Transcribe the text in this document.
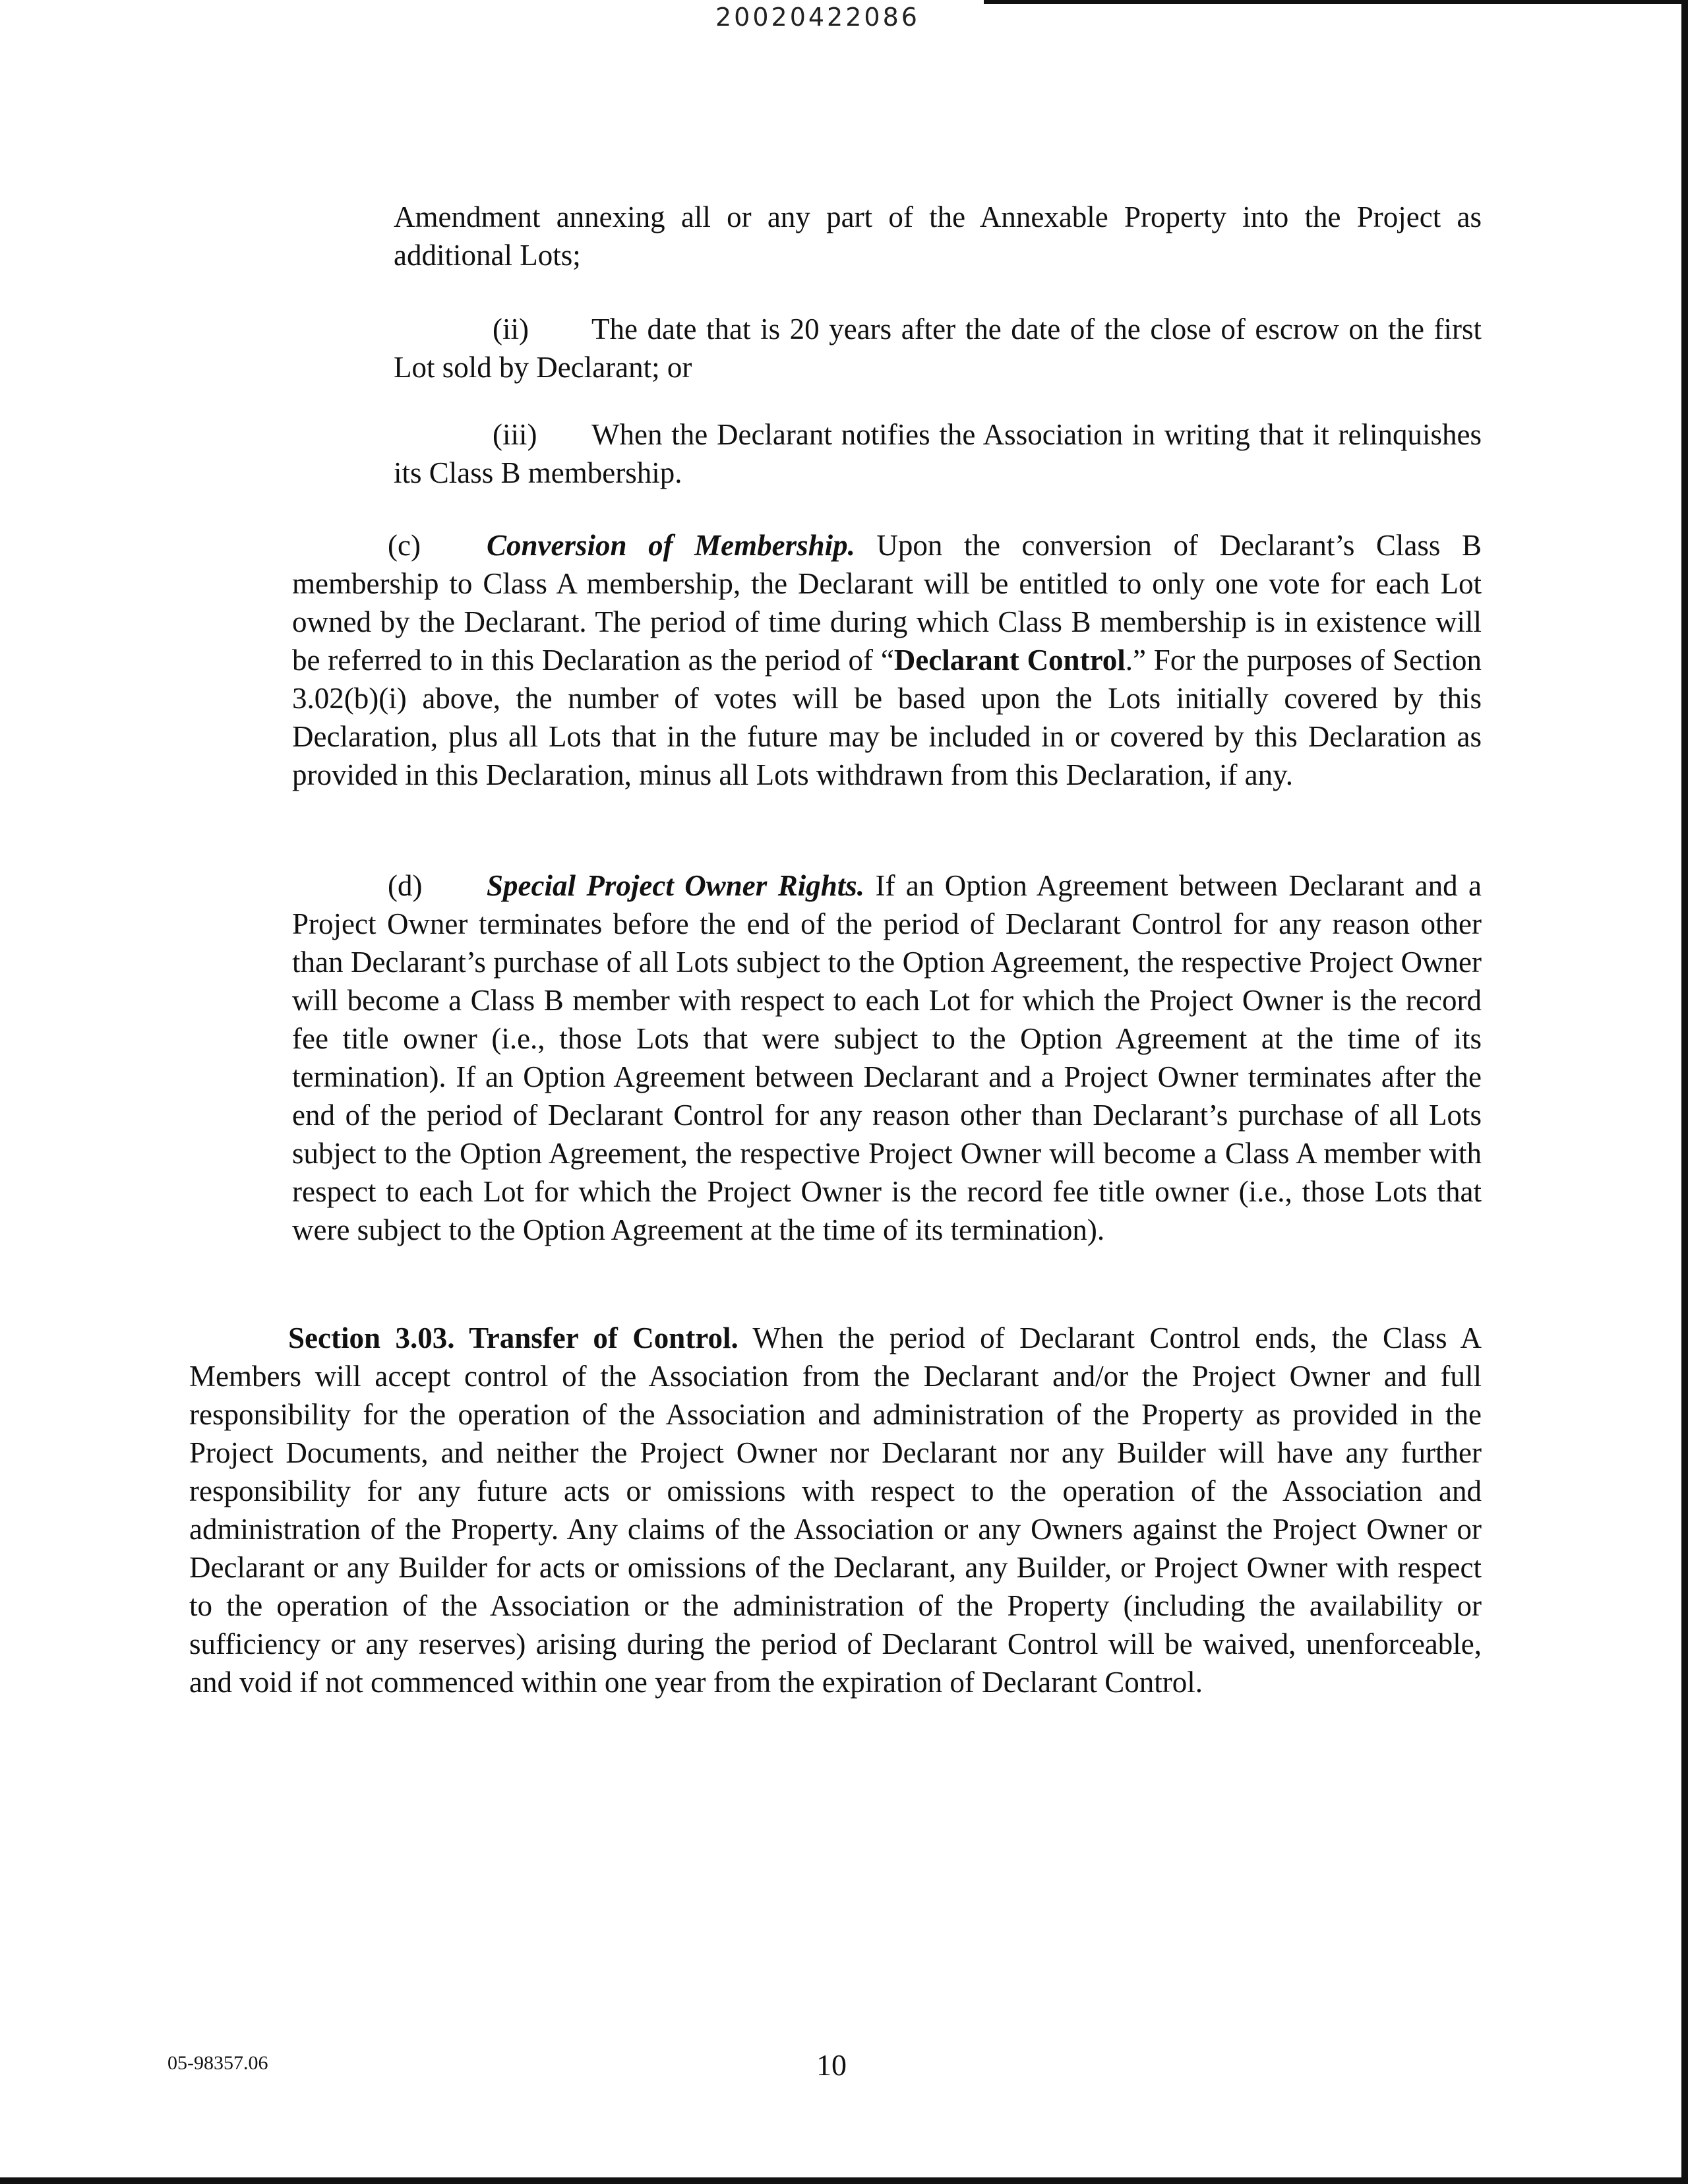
20020422086

Amendment annexing all or any part of the Annexable Property into the Project as additional Lots;

(ii) The date that is 20 years after the date of the close of escrow on the first Lot sold by Declarant; or

(iii) When the Declarant notifies the Association in writing that it relinquishes its Class B membership.

(c) Conversion of Membership. Upon the conversion of Declarant’s Class B membership to Class A membership, the Declarant will be entitled to only one vote for each Lot owned by the Declarant. The period of time during which Class B membership is in existence will be referred to in this Declaration as the period of “Declarant Control.” For the purposes of Section 3.02(b)(i) above, the number of votes will be based upon the Lots initially covered by this Declaration, plus all Lots that in the future may be included in or covered by this Declaration as provided in this Declaration, minus all Lots withdrawn from this Declaration, if any.

(d) Special Project Owner Rights. If an Option Agreement between Declarant and a Project Owner terminates before the end of the period of Declarant Control for any reason other than Declarant’s purchase of all Lots subject to the Option Agreement, the respective Project Owner will become a Class B member with respect to each Lot for which the Project Owner is the record fee title owner (i.e., those Lots that were subject to the Option Agreement at the time of its termination). If an Option Agreement between Declarant and a Project Owner terminates after the end of the period of Declarant Control for any reason other than Declarant’s purchase of all Lots subject to the Option Agreement, the respective Project Owner will become a Class A member with respect to each Lot for which the Project Owner is the record fee title owner (i.e., those Lots that were subject to the Option Agreement at the time of its termination).

Section 3.03. Transfer of Control. When the period of Declarant Control ends, the Class A Members will accept control of the Association from the Declarant and/or the Project Owner and full responsibility for the operation of the Association and administration of the Property as provided in the Project Documents, and neither the Project Owner nor Declarant nor any Builder will have any further responsibility for any future acts or omissions with respect to the operation of the Association and administration of the Property. Any claims of the Association or any Owners against the Project Owner or Declarant or any Builder for acts or omissions of the Declarant, any Builder, or Project Owner with respect to the operation of the Association or the administration of the Property (including the availability or sufficiency or any reserves) arising during the period of Declarant Control will be waived, unenforceable, and void if not commenced within one year from the expiration of Declarant Control.

05-98357.06	10
